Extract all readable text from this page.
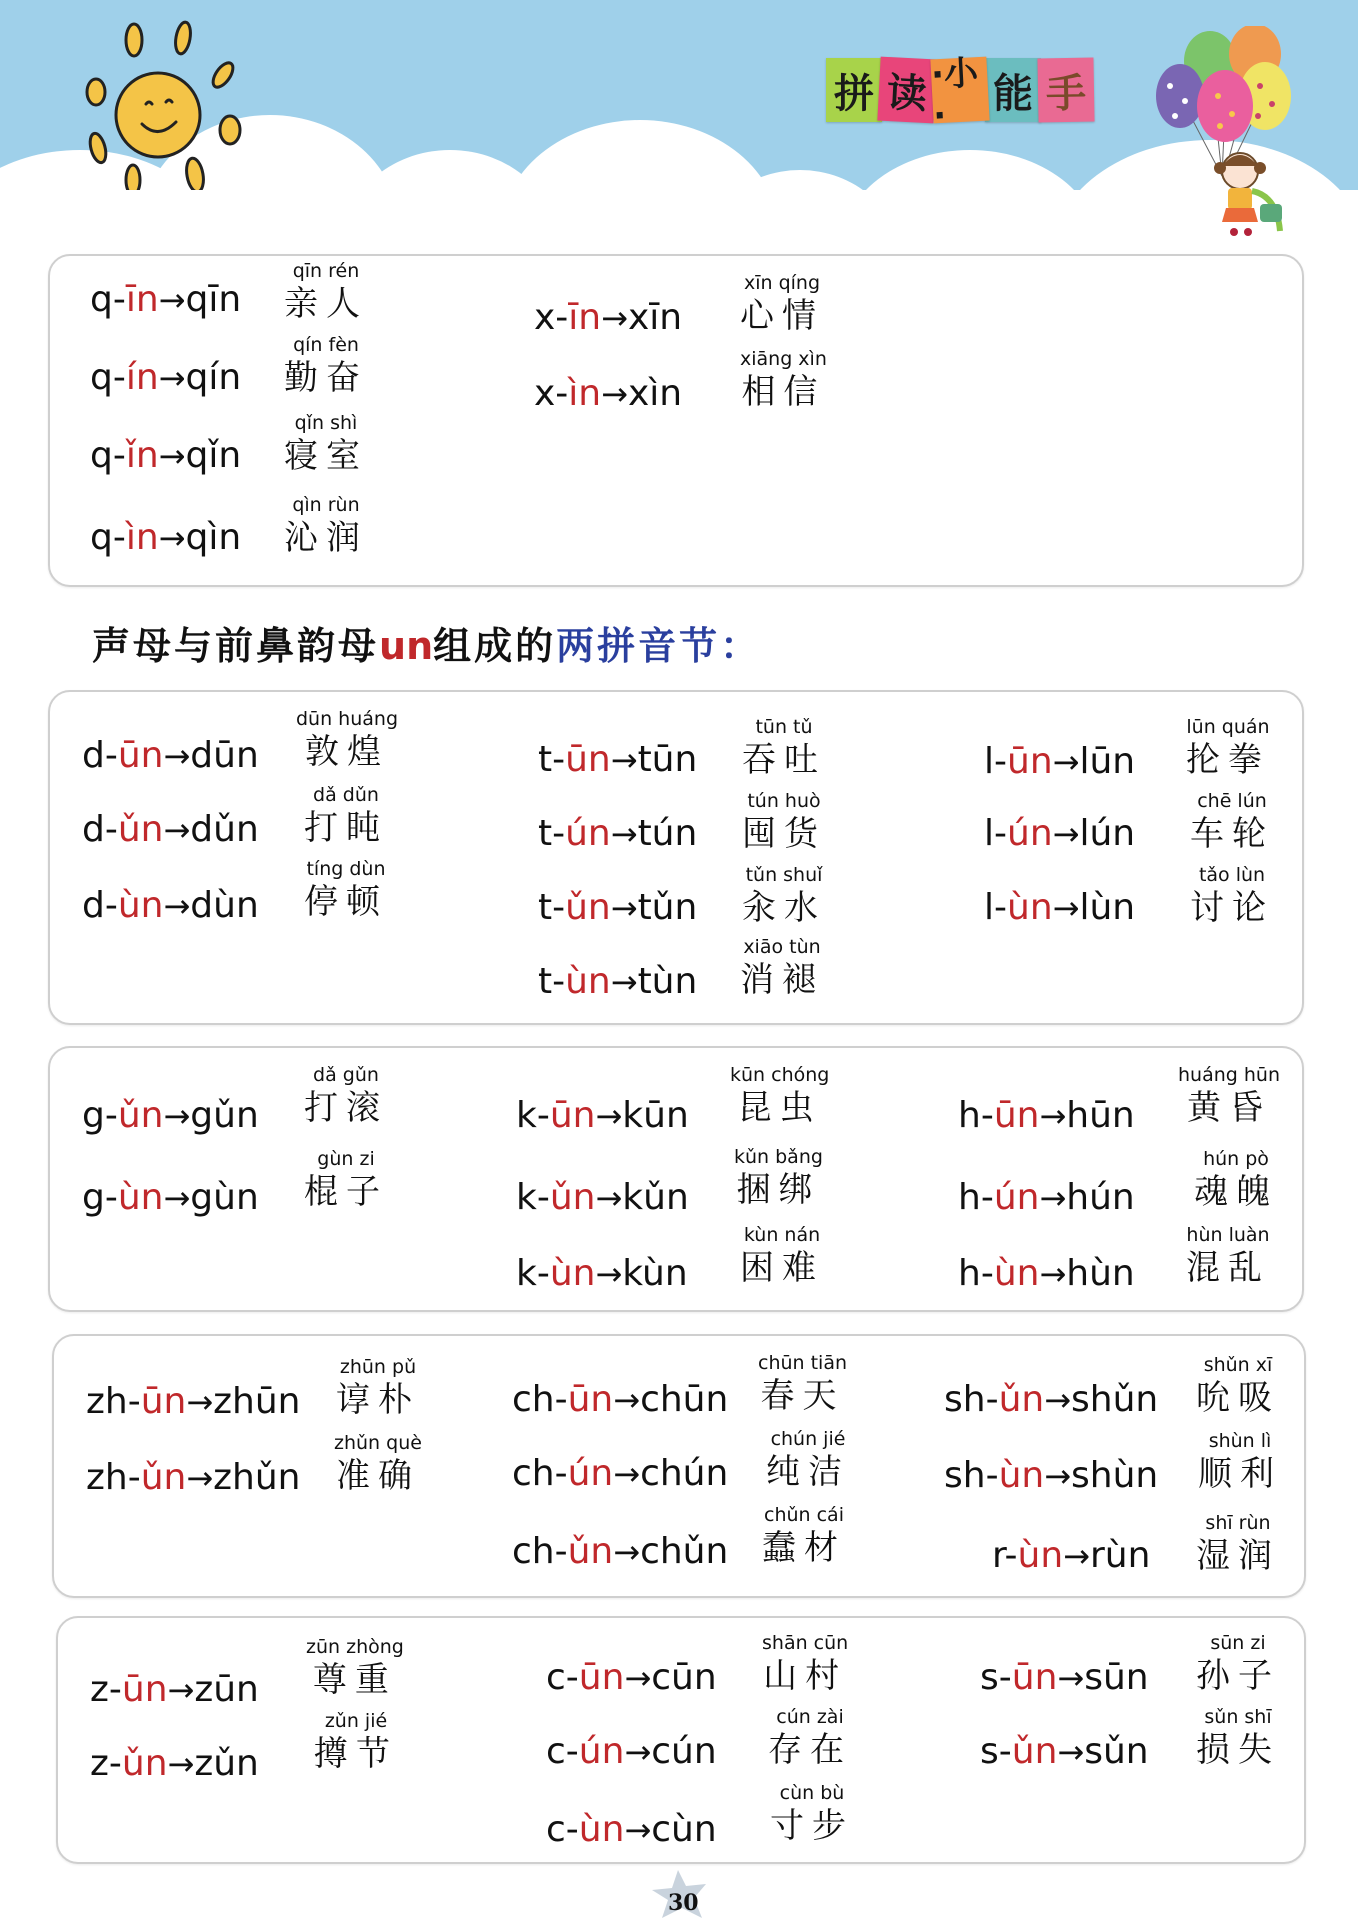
拼 读 ·小·	能 手
q-īn→qīn
qīn rén
亲人
q-ín→qín
qín fèn
勤奋
q-ǐn→qǐn
qǐn shì
寝室
q-ìn→qìn
qìn rùn
沁润
x-īn→xīn
xīn qíng
心情
x-ìn→xìn
xiāng xìn
相信
声母与前鼻韵母un组成的两拼音节：
d-ūn→dūn
dūn huáng
敦煌
d-ǔn→dǔn
dǎ dǔn
打盹
d-ùn→dùn
tíng dùn
停顿
t-ūn→tūn
tūn tǔ
吞吐
t-ún→tún
tún huò
囤货
t-ǔn→tǔn
tǔn shuǐ
汆水
t-ùn→tùn
xiāo tùn
消褪
l-ūn→lūn
lūn quán
抡拳
l-ún→lún
chē lún
车轮
l-ùn→lùn
tǎo lùn
讨论
g-ǔn→gǔn
dǎ gǔn
打滚
g-ùn→gùn
gùn zi
棍子
k-ūn→kūn
kūn chóng
昆虫
k-ǔn→kǔn
kǔn bǎng
捆绑
k-ùn→kùn
kùn nán
困难
h-ūn→hūn
huáng hūn
黄昏
h-ún→hún
hún pò
魂魄
h-ùn→hùn
hùn luàn
混乱
zh-ūn→zhūn
zhūn pǔ
谆朴
zh-ǔn→zhǔn
zhǔn què
准确
ch-ūn→chūn
chūn tiān
春天
ch-ún→chún
chún jié
纯洁
ch-ǔn→chǔn
chǔn cái
蠢材
sh-ǔn→shǔn
shǔn xī
吮吸
sh-ùn→shùn
shùn lì
顺利
r-ùn→rùn
shī rùn
湿润
z-ūn→zūn
zūn zhòng
尊重
z-ǔn→zǔn
zǔn jié
撙节
c-ūn→cūn
shān cūn
山村
c-ún→cún
cún zài
存在
c-ùn→cùn
cùn bù
寸步
s-ūn→sūn
sūn zi
孙子
s-ǔn→sǔn
sǔn shī
损失
30
